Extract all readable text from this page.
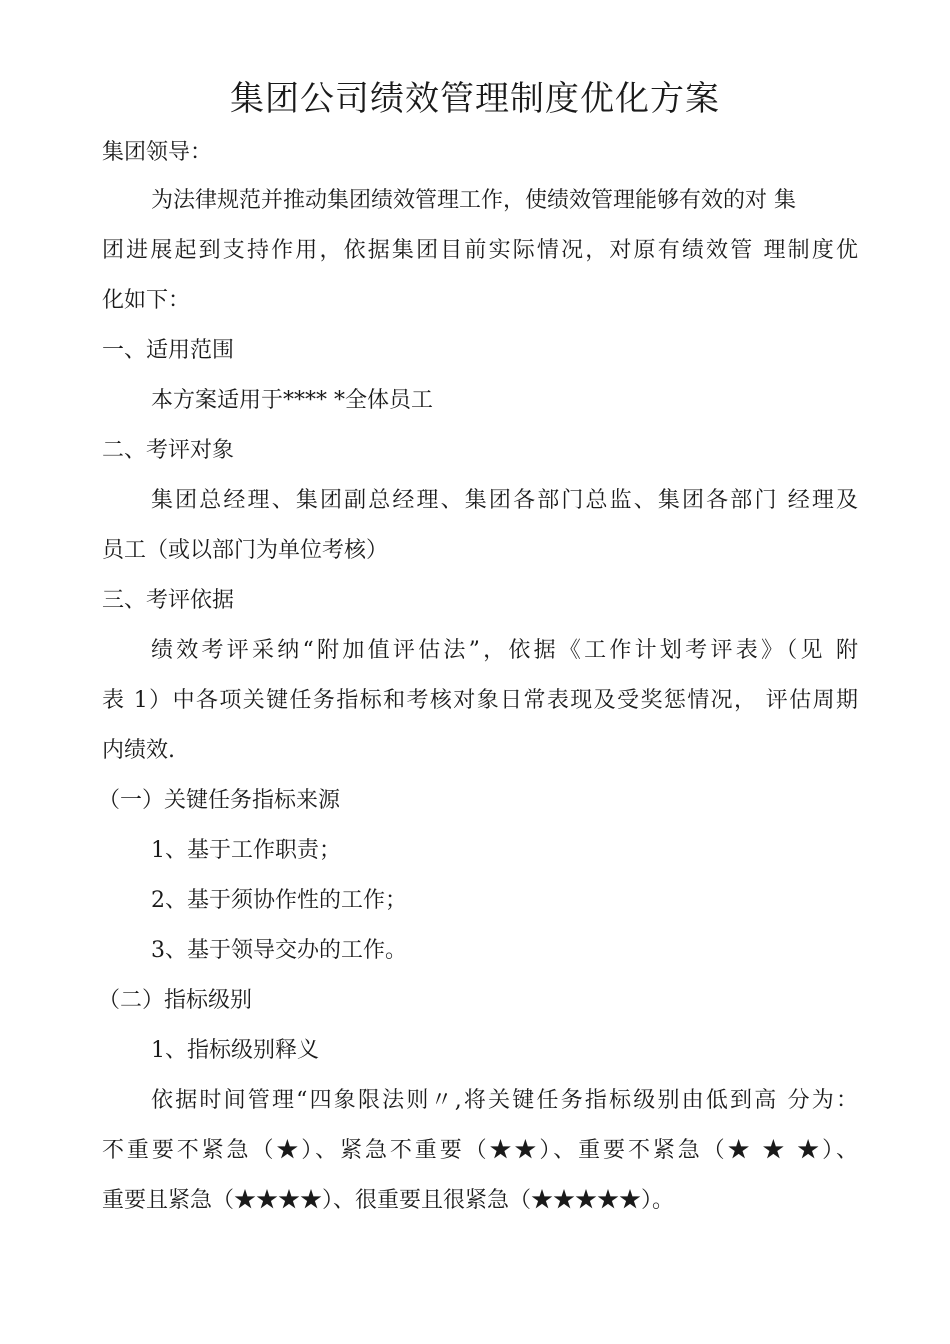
集团公司绩效管理制度优化方案
集团领导：
为法律规范并推动集团绩效管理工作，使绩效管理能够有效的对 集
团进展起到支持作用，依据集团目前实际情况，对原有绩效管 理制度优
化如下：
一、适用范围
本方案适用于**** *全体员工
二、考评对象
集团总经理、集团副总经理、集团各部门总监、集团各部门 经理及
员工（或以部门为单位考核）
三、考评依据
绩效考评采纳“附加值评估法”，依据《工作计划考评表》（见 附
表 1）中各项关键任务指标和考核对象日常表现及受奖惩情况， 评估周期
内绩效.
（一）关键任务指标来源
1、基于工作职责；
2、基于须协作性的工作；
3、基于领导交办的工作。
（二）指标级别
1、指标级别释义
依据时间管理“四象限法则〃,将关键任务指标级别由低到高 分为：
不重要不紧急（★）、紧急不重要（★★）、重要不紧急（★ ★ ★）、
重要且紧急（★★★★）、很重要且很紧急（★★★★★）。
